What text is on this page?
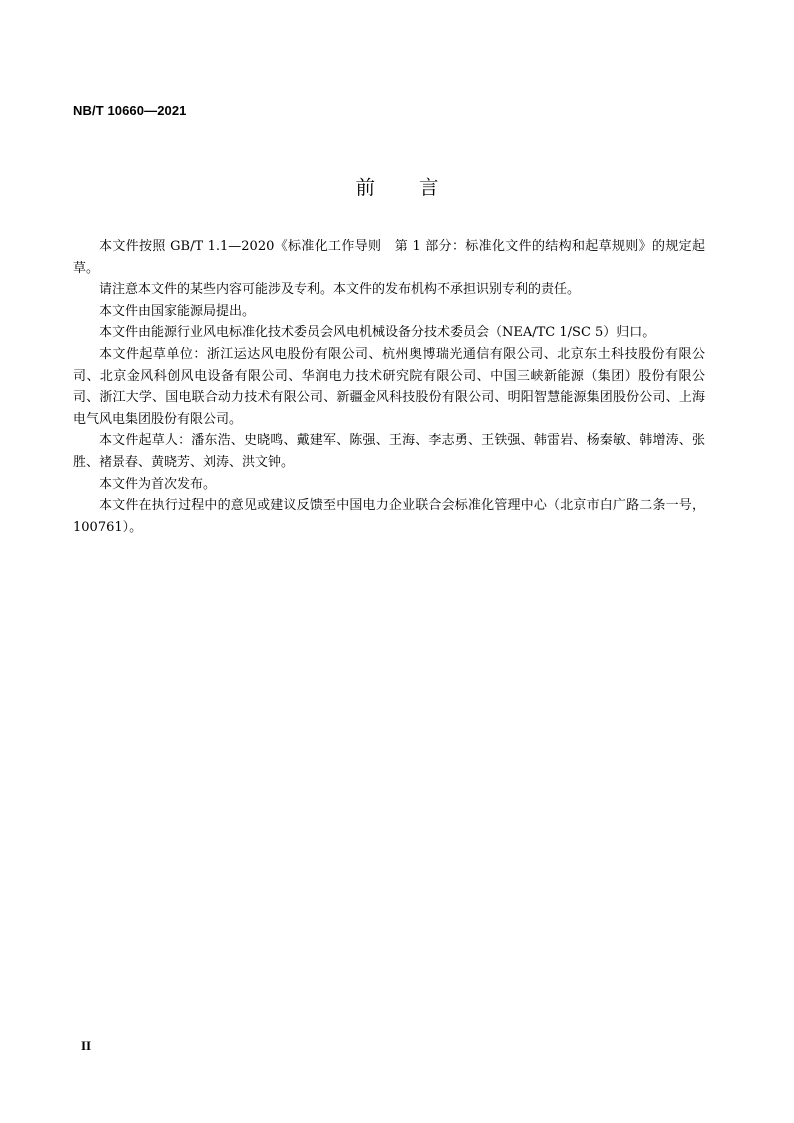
NB/T 10660—2021
前 言

本文件按照 GB/T 1.1—2020《标准化工作导则　第 1 部分：标准化文件的结构和起草规则》的规定起草。

请注意本文件的某些内容可能涉及专利。本文件的发布机构不承担识别专利的责任。

本文件由国家能源局提出。

本文件由能源行业风电标准化技术委员会风电机械设备分技术委员会（NEA/TC 1/SC 5）归口。

本文件起草单位：浙江运达风电股份有限公司、杭州奥博瑞光通信有限公司、北京东土科技股份有限公司、北京金风科创风电设备有限公司、华润电力技术研究院有限公司、中国三峡新能源（集团）股份有限公司、浙江大学、国电联合动力技术有限公司、新疆金风科技股份有限公司、明阳智慧能源集团股份公司、上海电气风电集团股份有限公司。

本文件起草人：潘东浩、史晓鸣、戴建军、陈强、王海、李志勇、王铁强、韩雷岩、杨秦敏、韩增涛、张胜、褚景春、黄晓芳、刘涛、洪文钟。

本文件为首次发布。

本文件在执行过程中的意见或建议反馈至中国电力企业联合会标准化管理中心（北京市白广路二条一号，100761）。

II
